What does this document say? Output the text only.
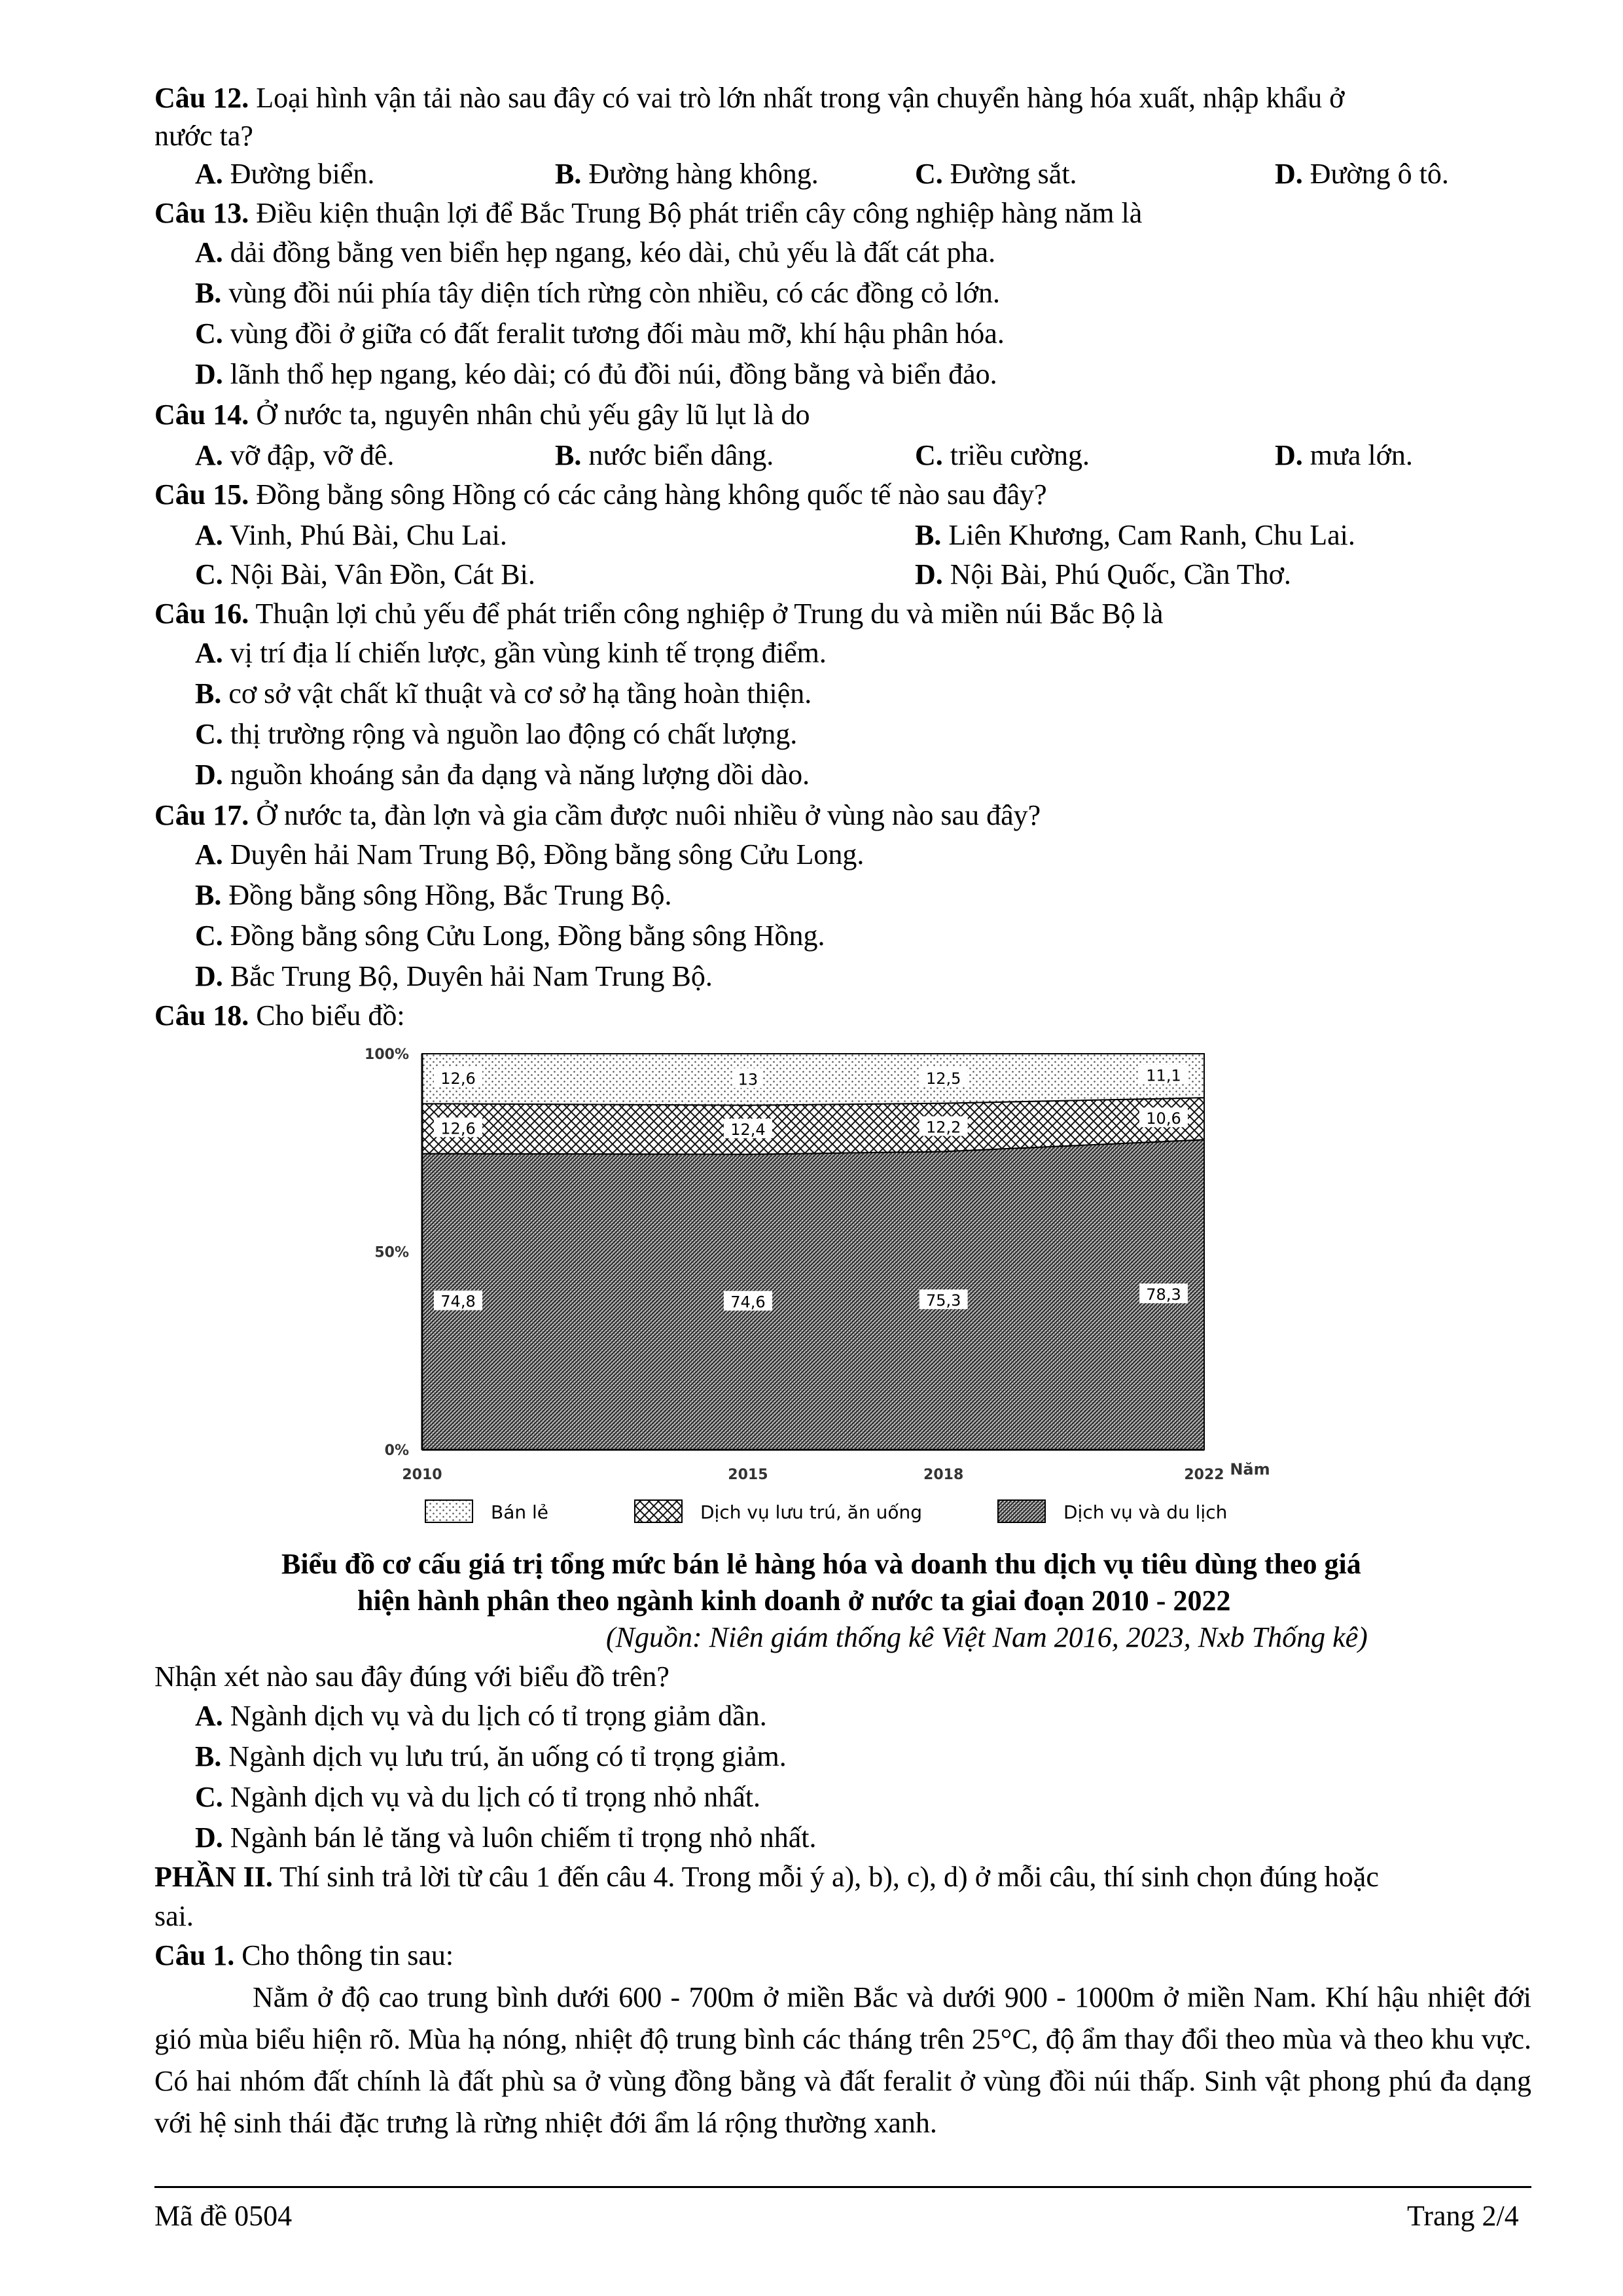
Câu 12. Loại hình vận tải nào sau đây có vai trò lớn nhất trong vận chuyển hàng hóa xuất, nhập khẩu ở
nước ta?
A. Đường biển.	B. Đường hàng không.	C. Đường sắt.	D. Đường ô tô.
Câu 13. Điều kiện thuận lợi để Bắc Trung Bộ phát triển cây công nghiệp hàng năm là
A. dải đồng bằng ven biển hẹp ngang, kéo dài, chủ yếu là đất cát pha.
B. vùng đồi núi phía tây diện tích rừng còn nhiều, có các đồng cỏ lớn.
C. vùng đồi ở giữa có đất feralit tương đối màu mỡ, khí hậu phân hóa.
D. lãnh thổ hẹp ngang, kéo dài; có đủ đồi núi, đồng bằng và biển đảo.
Câu 14. Ở nước ta, nguyên nhân chủ yếu gây lũ lụt là do
A. vỡ đập, vỡ đê.	B. nước biển dâng.	C. triều cường.	D. mưa lớn.
Câu 15. Đồng bằng sông Hồng có các cảng hàng không quốc tế nào sau đây?
A. Vinh, Phú Bài, Chu Lai.	B. Liên Khương, Cam Ranh, Chu Lai.
C. Nội Bài, Vân Đồn, Cát Bi.	D. Nội Bài, Phú Quốc, Cần Thơ.
Câu 16. Thuận lợi chủ yếu để phát triển công nghiệp ở Trung du và miền núi Bắc Bộ là
A. vị trí địa lí chiến lược, gần vùng kinh tế trọng điểm.
B. cơ sở vật chất kĩ thuật và cơ sở hạ tầng hoàn thiện.
C. thị trường rộng và nguồn lao động có chất lượng.
D. nguồn khoáng sản đa dạng và năng lượng dồi dào.
Câu 17. Ở nước ta, đàn lợn và gia cầm được nuôi nhiều ở vùng nào sau đây?
A. Duyên hải Nam Trung Bộ, Đồng bằng sông Cửu Long.
B. Đồng bằng sông Hồng, Bắc Trung Bộ.
C. Đồng bằng sông Cửu Long, Đồng bằng sông Hồng.
D. Bắc Trung Bộ, Duyên hải Nam Trung Bộ.
Câu 18. Cho biểu đồ:
0%
50%
100%
2010	2015	2018	2022 Năm
74,8	74,6	75,3	78,3
12,6	12,4	12,2	10,6
12,6	13	12,5	11,1
Bán lẻ	Dịch vụ lưu trú, ăn uống	Dịch vụ và du lịch
Biểu đồ cơ cấu giá trị tổng mức bán lẻ hàng hóa và doanh thu dịch vụ tiêu dùng theo giá
hiện hành phân theo ngành kinh doanh ở nước ta giai đoạn 2010 - 2022
(Nguồn: Niên giám thống kê Việt Nam 2016, 2023, Nxb Thống kê)
Nhận xét nào sau đây đúng với biểu đồ trên?
A. Ngành dịch vụ và du lịch có tỉ trọng giảm dần.
B. Ngành dịch vụ lưu trú, ăn uống có tỉ trọng giảm.
C. Ngành dịch vụ và du lịch có tỉ trọng nhỏ nhất.
D. Ngành bán lẻ tăng và luôn chiếm tỉ trọng nhỏ nhất.
PHẦN II. Thí sinh trả lời từ câu 1 đến câu 4. Trong mỗi ý a), b), c), d) ở mỗi câu, thí sinh chọn đúng hoặc
sai.
Câu 1. Cho thông tin sau:
Nằm ở độ cao trung bình dưới 600 - 700m ở miền Bắc và dưới 900 - 1000m ở miền Nam. Khí hậu nhiệt đới gió mùa biểu hiện rõ. Mùa hạ nóng, nhiệt độ trung bình các tháng trên 25°C, độ ẩm thay đổi theo mùa và theo khu vực. Có hai nhóm đất chính là đất phù sa ở vùng đồng bằng và đất feralit ở vùng đồi núi thấp. Sinh vật phong phú đa dạng với hệ sinh thái đặc trưng là rừng nhiệt đới ẩm lá rộng thường xanh.
Mã đề 0504	Trang 2/4
